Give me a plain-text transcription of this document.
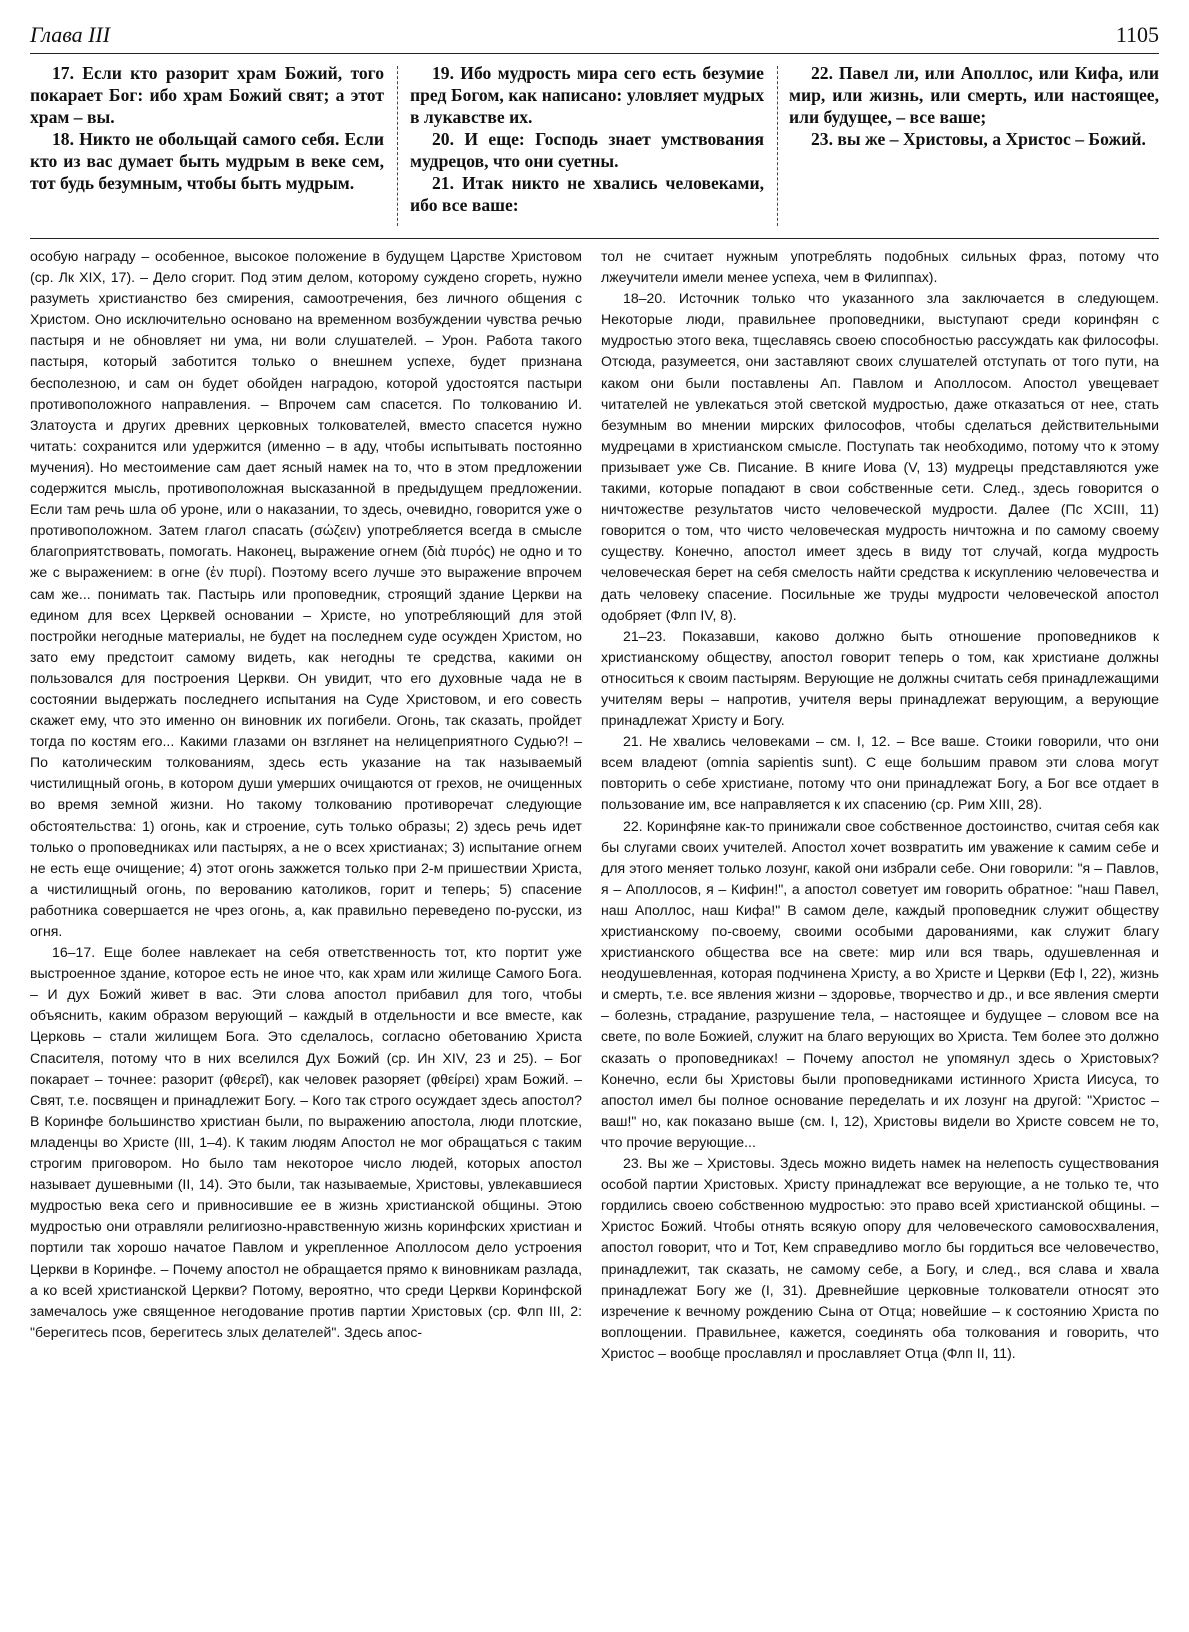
Глава III	1105

17. Если кто разорит храм Божий, того покарает Бог: ибо храм Божий свят; а этот храм – вы.

18. Никто не обольщай самого себя. Если кто из вас думает быть мудрым в веке сем, тот будь безумным, чтобы быть мудрым.

19. Ибо мудрость мира сего есть безумие пред Богом, как написано: уловляет мудрых в лукавстве их.

20. И еще: Господь знает умствования мудрецов, что они суетны.

21. Итак никто не хвались человеками, ибо все ваше:

22. Павел ли, или Аполлос, или Кифа, или мир, или жизнь, или смерть, или настоящее, или будущее, – все ваше;

23. вы же – Христовы, а Христос – Божий.

особую награду – особенное, высокое положение в будущем Царстве Христовом (ср. Лк XIX, 17). – Дело сгорит. Под этим делом, которому суждено сгореть, нужно разуметь христианство без смирения, самоотречения, без личного общения с Христом. Оно исключительно основано на временном возбуждении чувства речью пастыря и не обновляет ни ума, ни воли слушателей. – Урон. Работа такого пастыря, который заботится только о внешнем успехе, будет признана бесполезною, и сам он будет обойден наградою, которой удостоятся пастыри противоположного направления. – Впрочем сам спасется. По толкованию И. Златоуста и других древних церковных толкователей, вместо спасется нужно читать: сохранится или удержится (именно – в аду, чтобы испытывать постоянно мучения). Но местоимение сам дает ясный намек на то, что в этом предложении содержится мысль, противоположная высказанной в предыдущем предложении. Если там речь шла об уроне, или о наказании, то здесь, очевидно, говорится уже о противоположном. Затем глагол спасать (σώζειν) употребляется всегда в смысле благоприятствовать, помогать. Наконец, выражение огнем (διὰ πυρός) не одно и то же с выражением: в огне (ἐν πυρί). Поэтому всего лучше это выражение впрочем сам же... понимать так. Пастырь или проповедник, строящий здание Церкви на едином для всех Церквей основании – Христе, но употребляющий для этой постройки негодные материалы, не будет на последнем суде осужден Христом, но зато ему предстоит самому видеть, как негодны те средства, какими он пользовался для построения Церкви. Он увидит, что его духовные чада не в состоянии выдержать последнего испытания на Суде Христовом, и его совесть скажет ему, что это именно он виновник их погибели. Огонь, так сказать, пройдет тогда по костям его... Какими глазами он взглянет на нелицеприятного Судью?! – По католическим толкованиям, здесь есть указание на так называемый чистилищный огонь, в котором души умерших очищаются от грехов, не очищенных во время земной жизни. Но такому толкованию противоречат следующие обстоятельства: 1) огонь, как и строение, суть только образы; 2) здесь речь идет только о проповедниках или пастырях, а не о всех христианах; 3) испытание огнем не есть еще очищение; 4) этот огонь зажжется только при 2-м пришествии Христа, а чистилищный огонь, по верованию католиков, горит и теперь; 5) спасение работника совершается не чрез огонь, а, как правильно переведено по-русски, из огня.

16–17. Еще более навлекает на себя ответственность тот, кто портит уже выстроенное здание, которое есть не иное что, как храм или жилище Самого Бога. – И дух Божий живет в вас. Эти слова апостол прибавил для того, чтобы объяснить, каким образом верующий – каждый в отдельности и все вместе, как Церковь – стали жилищем Бога. Это сделалось, согласно обетованию Христа Спасителя, потому что в них вселился Дух Божий (ср. Ин XIV, 23 и 25). – Бог покарает – точнее: разорит (φθερεῖ), как человек разоряет (φθείρει) храм Божий. – Свят, т.е. посвящен и принадлежит Богу. – Кого так строго осуждает здесь апостол? В Коринфе большинство христиан были, по выражению апостола, люди плотские, младенцы во Христе (III, 1–4). К таким людям Апостол не мог обращаться с таким строгим приговором. Но было там некоторое число людей, которых апостол называет душевными (II, 14). Это были, так называемые, Христовы, увлекавшиеся мудростью века сего и привносившие ее в жизнь христианской общины. Этою мудростью они отравляли религиозно-нравственную жизнь коринфских христиан и портили так хорошо начатое Павлом и укрепленное Аполлосом дело устроения Церкви в Коринфе. – Почему апостол не обращается прямо к виновникам разлада, а ко всей христианской Церкви? Потому, вероятно, что среди Церкви Коринфской замечалось уже священное негодование против партии Христовых (ср. Флп III, 2: "берегитесь псов, берегитесь злых делателей". Здесь апос-

тол не считает нужным употреблять подобных сильных фраз, потому что лжеучители имели менее успеха, чем в Филиппах).

18–20. Источник только что указанного зла заключается в следующем. Некоторые люди, правильнее проповедники, выступают среди коринфян с мудростью этого века, тщеславясь своею способностью рассуждать как философы. Отсюда, разумеется, они заставляют своих слушателей отступать от того пути, на каком они были поставлены Ап. Павлом и Аполлосом. Апостол увещевает читателей не увлекаться этой светской мудростью, даже отказаться от нее, стать безумным во мнении мирских философов, чтобы сделаться действительными мудрецами в христианском смысле. Поступать так необходимо, потому что к этому призывает уже Св. Писание. В книге Иова (V, 13) мудрецы представляются уже такими, которые попадают в свои собственные сети. След., здесь говорится о ничтожестве результатов чисто человеческой мудрости. Далее (Пс XCIII, 11) говорится о том, что чисто человеческая мудрость ничтожна и по самому своему существу. Конечно, апостол имеет здесь в виду тот случай, когда мудрость человеческая берет на себя смелость найти средства к искуплению человечества и дать человеку спасение. Посильные же труды мудрости человеческой апостол одобряет (Флп IV, 8).

21–23. Показавши, каково должно быть отношение проповедников к христианскому обществу, апостол говорит теперь о том, как христиане должны относиться к своим пастырям. Верующие не должны считать себя принадлежащими учителям веры – напротив, учителя веры принадлежат верующим, а верующие принадлежат Христу и Богу.

21. Не хвались человеками – см. I, 12. – Все ваше. Стоики говорили, что они всем владеют (omnia sapientis sunt). С еще большим правом эти слова могут повторить о себе христиане, потому что они принадлежат Богу, а Бог все отдает в пользование им, все направляется к их спасению (ср. Рим XIII, 28).

22. Коринфяне как-то принижали свое собственное достоинство, считая себя как бы слугами своих учителей. Апостол хочет возвратить им уважение к самим себе и для этого меняет только лозунг, какой они избрали себе. Они говорили: "я – Павлов, я – Аполлосов, я – Кифин!", а апостол советует им говорить обратное: "наш Павел, наш Аполлос, наш Кифа!" В самом деле, каждый проповедник служит обществу христианскому по-своему, своими особыми дарованиями, как служит благу христианского общества все на свете: мир или вся тварь, одушевленная и неодушевленная, которая подчинена Христу, а во Христе и Церкви (Еф I, 22), жизнь и смерть, т.е. все явления жизни – здоровье, творчество и др., и все явления смерти – болезнь, страдание, разрушение тела, – настоящее и будущее – словом все на свете, по воле Божией, служит на благо верующих во Христа. Тем более это должно сказать о проповедниках! – Почему апостол не упомянул здесь о Христовых? Конечно, если бы Христовы были проповедниками истинного Христа Иисуса, то апостол имел бы полное основание переделать и их лозунг на другой: "Христос – ваш!" но, как показано выше (см. I, 12), Христовы видели во Христе совсем не то, что прочие верующие...

23. Вы же – Христовы. Здесь можно видеть намек на нелепость существования особой партии Христовых. Христу принадлежат все верующие, а не только те, что гордились своею собственною мудростью: это право всей христианской общины. – Христос Божий. Чтобы отнять всякую опору для человеческого самовосхваления, апостол говорит, что и Тот, Кем справедливо могло бы гордиться все человечество, принадлежит, так сказать, не самому себе, а Богу, и след., вся слава и хвала принадлежат Богу же (I, 31). Древнейшие церковные толкователи относят это изречение к вечному рождению Сына от Отца; новейшие – к состоянию Христа по воплощении. Правильнее, кажется, соединять оба толкования и говорить, что Христос – вообще прославлял и прославляет Отца (Флп II, 11).
